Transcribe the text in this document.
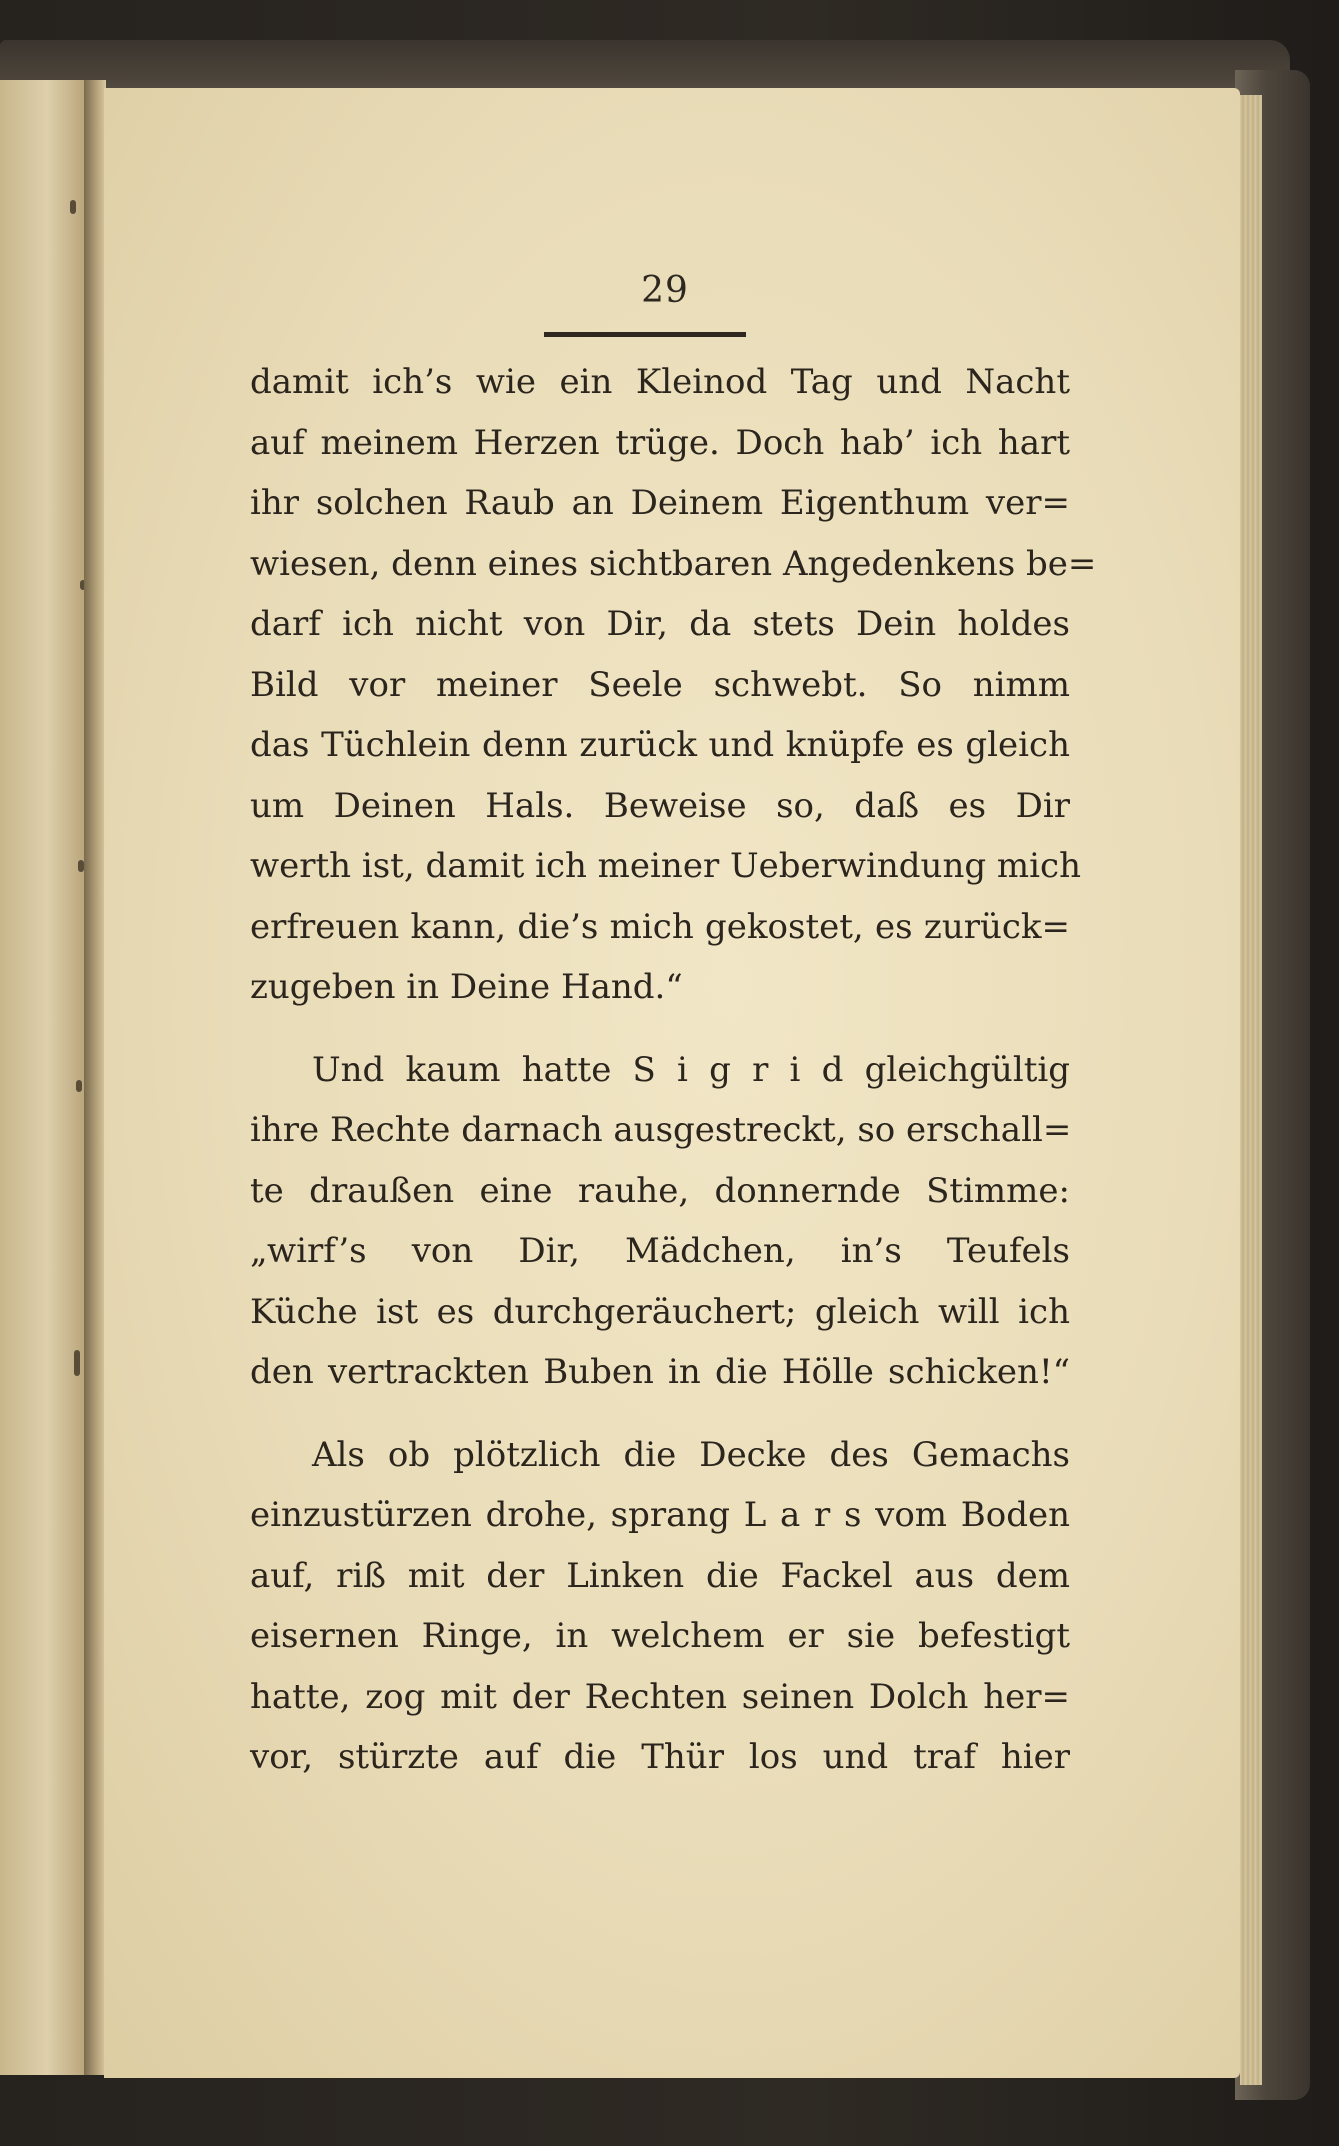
29
damit ich’s wie ein Kleinod Tag und Nacht
auf meinem Herzen trüge. Doch hab’ ich hart
ihr solchen Raub an Deinem Eigenthum ver=
wiesen, denn eines sichtbaren Angedenkens be=
darf ich nicht von Dir, da stets Dein holdes
Bild vor meiner Seele schwebt. So nimm
das Tüchlein denn zurück und knüpfe es gleich
um Deinen Hals. Beweise so, daß es Dir
werth ist, damit ich meiner Ueberwindung mich
erfreuen kann, die’s mich gekostet, es zurück=
zugeben in Deine Hand.“
Und kaum hatte S i g r i d gleichgültig
ihre Rechte darnach ausgestreckt, so erschall=
te draußen eine rauhe, donnernde Stimme:
„wirf’s von Dir, Mädchen, in’s Teufels
Küche ist es durchgeräuchert; gleich will ich
den vertrackten Buben in die Hölle schicken!“
Als ob plötzlich die Decke des Gemachs
einzustürzen drohe, sprang L a r s vom Boden
auf, riß mit der Linken die Fackel aus dem
eisernen Ringe, in welchem er sie befestigt
hatte, zog mit der Rechten seinen Dolch her=
vor, stürzte auf die Thür los und traf hier
